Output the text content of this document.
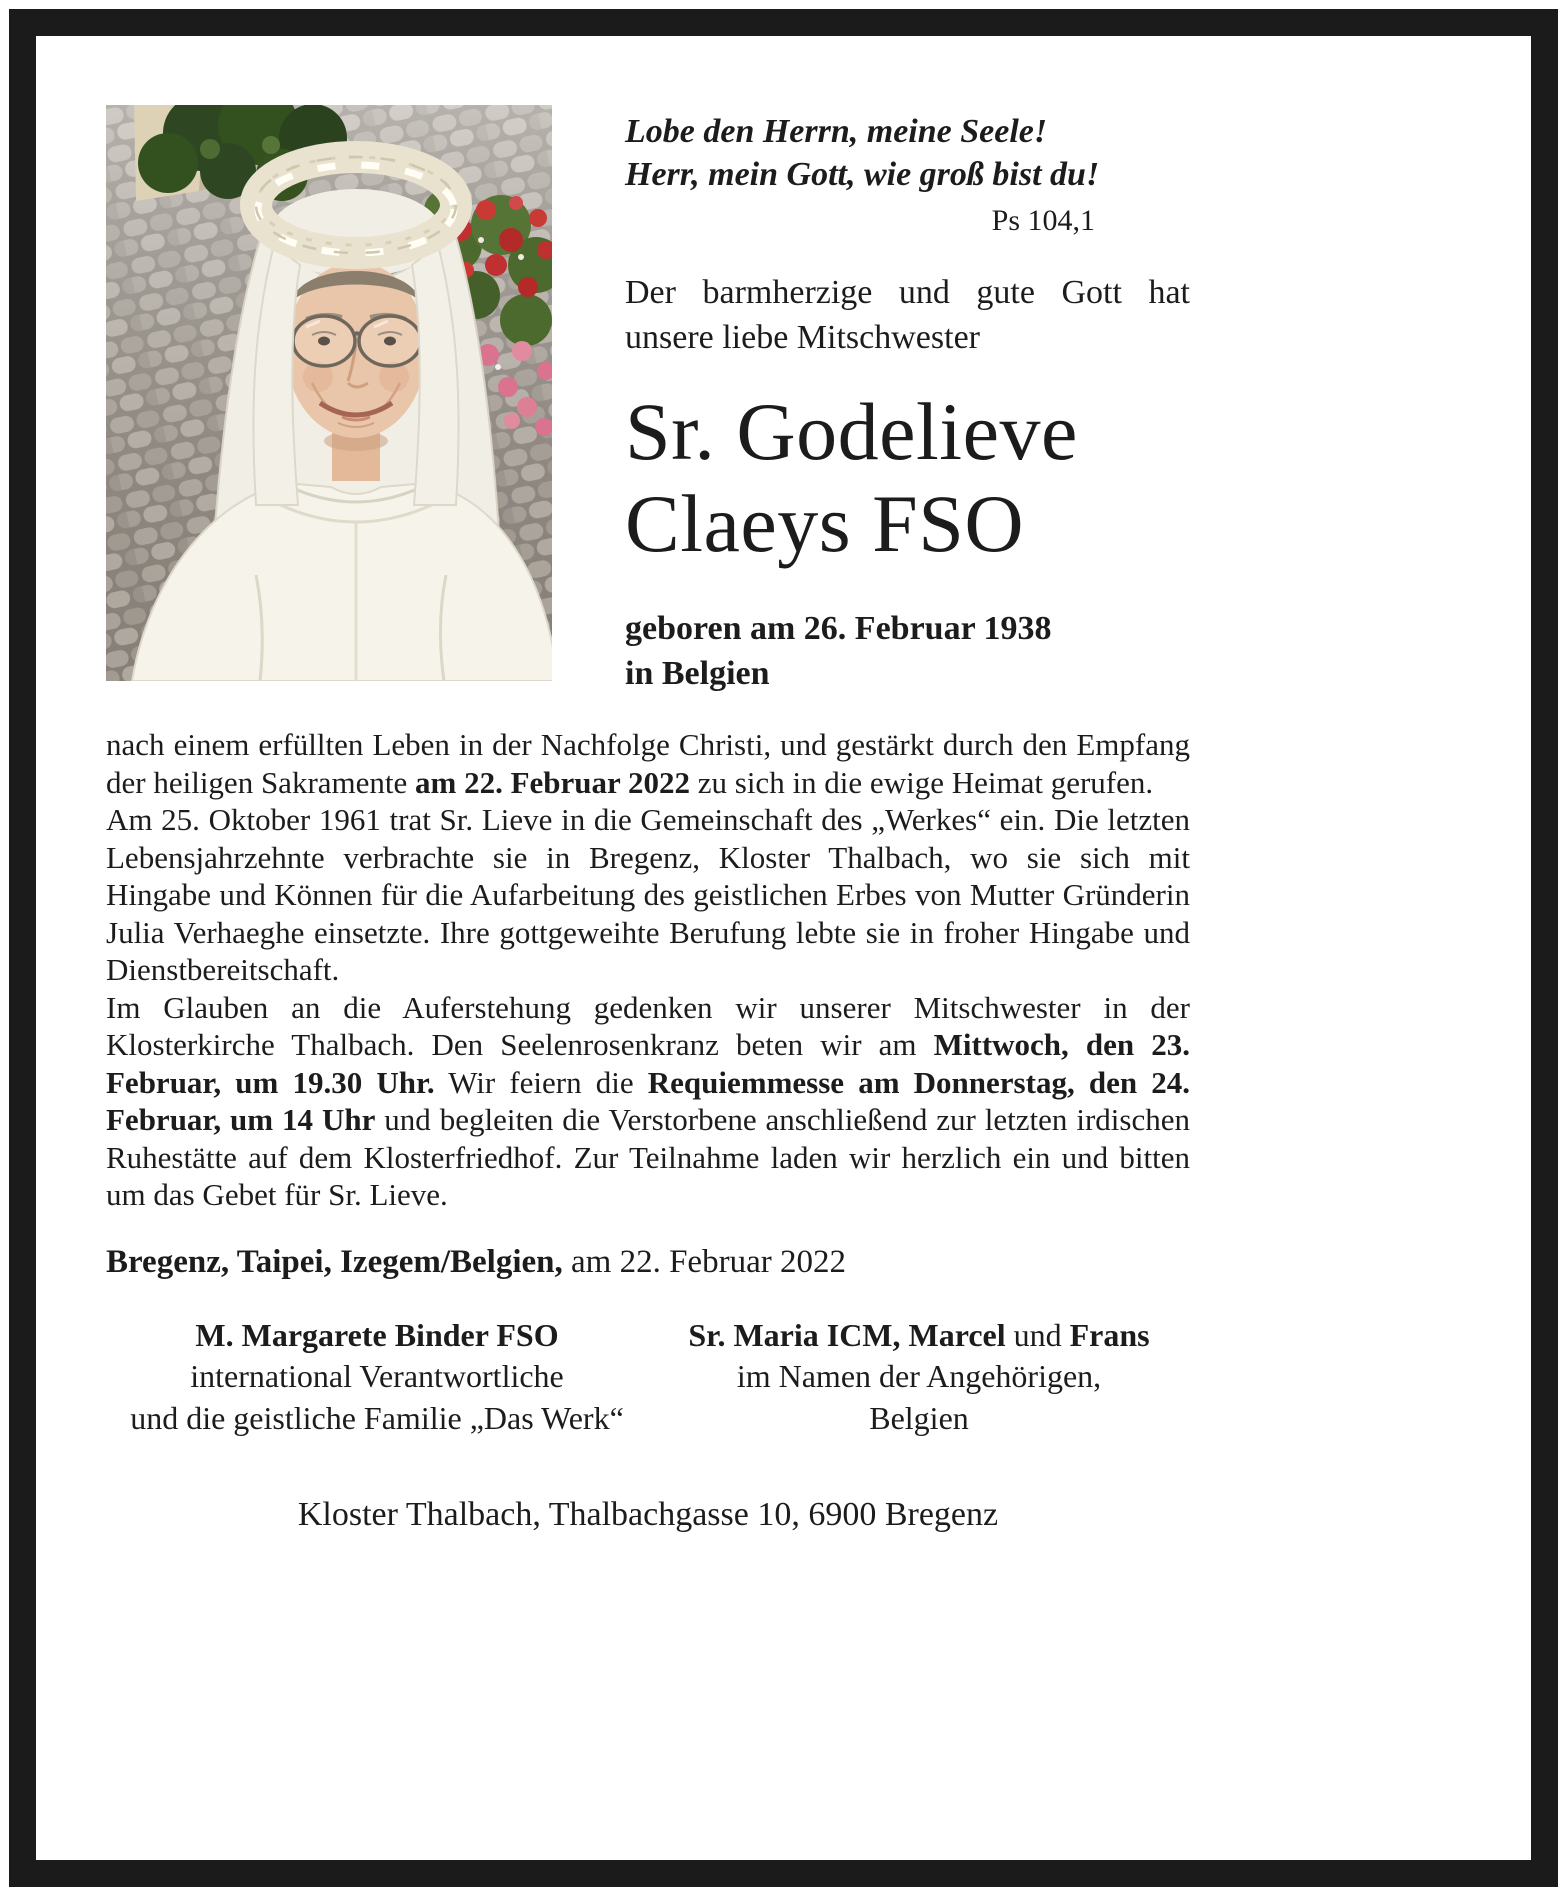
Lobe den Herrn, meine Seele!
Herr, mein Gott, wie groß bist du!
Ps 104,1

Der barmherzige und gute Gott hat unsere liebe Mitschwester

Sr. Godelieve
Claeys FSO
geboren am 26. Februar 1938
in Belgien

nach einem erfüllten Leben in der Nachfolge Christi, und gestärkt durch den Empfang der heiligen Sakramente am 22. Februar 2022 zu sich in die ewige Heimat gerufen.

Am 25. Oktober 1961 trat Sr. Lieve in die Gemeinschaft des „Werkes“ ein. Die letzten Lebensjahrzehnte verbrachte sie in Bregenz, Kloster Thalbach, wo sie sich mit Hingabe und Können für die Aufarbeitung des geistlichen Erbes von Mutter Gründerin Julia Verhaeghe einsetzte. Ihre gottgeweihte Berufung lebte sie in froher Hingabe und Dienstbereitschaft.

Im Glauben an die Auferstehung gedenken wir unserer Mitschwester in der Klosterkirche Thalbach. Den Seelenrosenkranz beten wir am Mittwoch, den 23. Februar, um 19.30 Uhr. Wir feiern die Requiemmesse am Donnerstag, den 24. Februar, um 14 Uhr und begleiten die Verstorbene anschließend zur letzten irdischen Ruhestätte auf dem Klosterfriedhof. Zur Teilnahme laden wir herzlich ein und bitten um das Gebet für Sr. Lieve.

Bregenz, Taipei, Izegem/Belgien, am 22. Februar 2022
M. Margarete Binder FSO
international Verantwortliche
und die geistliche Familie „Das Werk“
Sr. Maria ICM, Marcel und Frans
im Namen der Angehörigen,
Belgien
Kloster Thalbach, Thalbachgasse 10, 6900 Bregenz
